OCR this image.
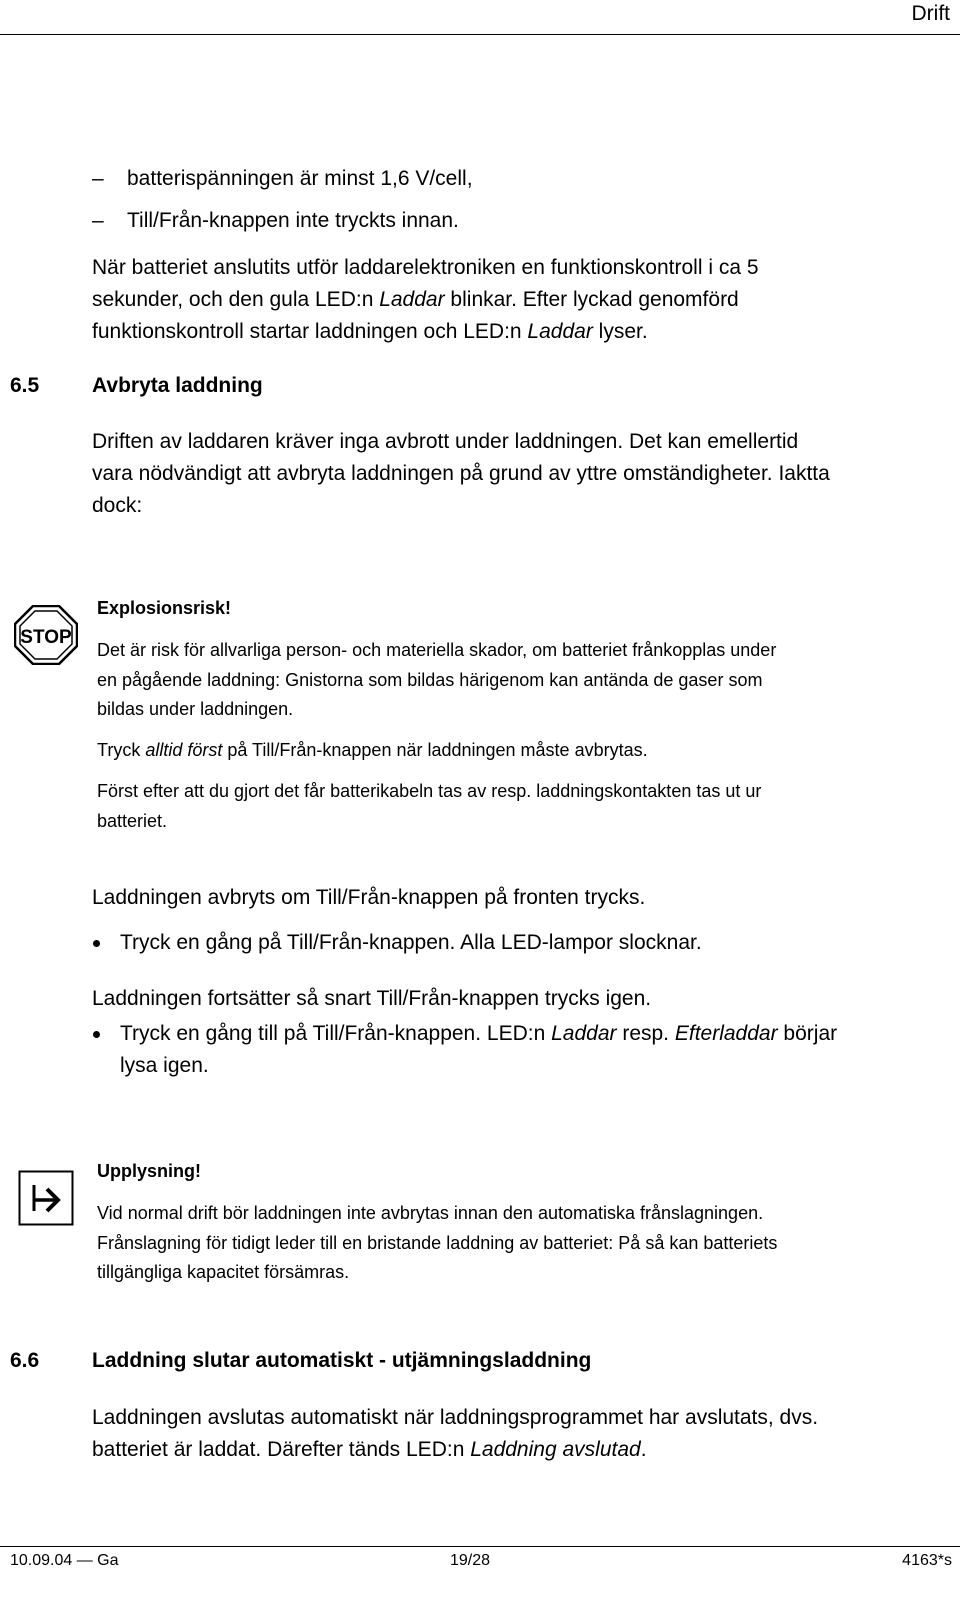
Drift
– batterispänningen är minst 1,6 V/cell,
– Till/Från-knappen inte tryckts innan.
När batteriet anslutits utför laddarelektroniken en funktionskontroll i ca 5
sekunder, och den gula LED:n Laddar blinkar. Efter lyckad genomförd
funktionskontroll startar laddningen och LED:n Laddar lyser.
6.5	Avbryta laddning
Driften av laddaren kräver inga avbrott under laddningen. Det kan emellertid
vara nödvändigt att avbryta laddningen på grund av yttre omständigheter. Iaktta
dock:
STOP
Explosionsrisk!
Det är risk för allvarliga person- och materiella skador, om batteriet frånkopplas under
en pågående laddning: Gnistorna som bildas härigenom kan antända de gaser som
bildas under laddningen.
Tryck alltid först på Till/Från-knappen när laddningen måste avbrytas.
Först efter att du gjort det får batterikabeln tas av resp. laddningskontakten tas ut ur
batteriet.
Laddningen avbryts om Till/Från-knappen på fronten trycks.
Tryck en gång på Till/Från-knappen. Alla LED-lampor slocknar.
Laddningen fortsätter så snart Till/Från-knappen trycks igen.
Tryck en gång till på Till/Från-knappen. LED:n Laddar resp. Efterladdar börjar
lysa igen.
Upplysning!
Vid normal drift bör laddningen inte avbrytas innan den automatiska frånslagningen.
Frånslagning för tidigt leder till en bristande laddning av batteriet: På så kan batteriets
tillgängliga kapacitet försämras.
6.6	Laddning slutar automatiskt - utjämningsladdning
Laddningen avslutas automatiskt när laddningsprogrammet har avslutats, dvs.
batteriet är laddat. Därefter tänds LED:n Laddning avslutad.
10.09.04 — Ga	19/28	4163*s
